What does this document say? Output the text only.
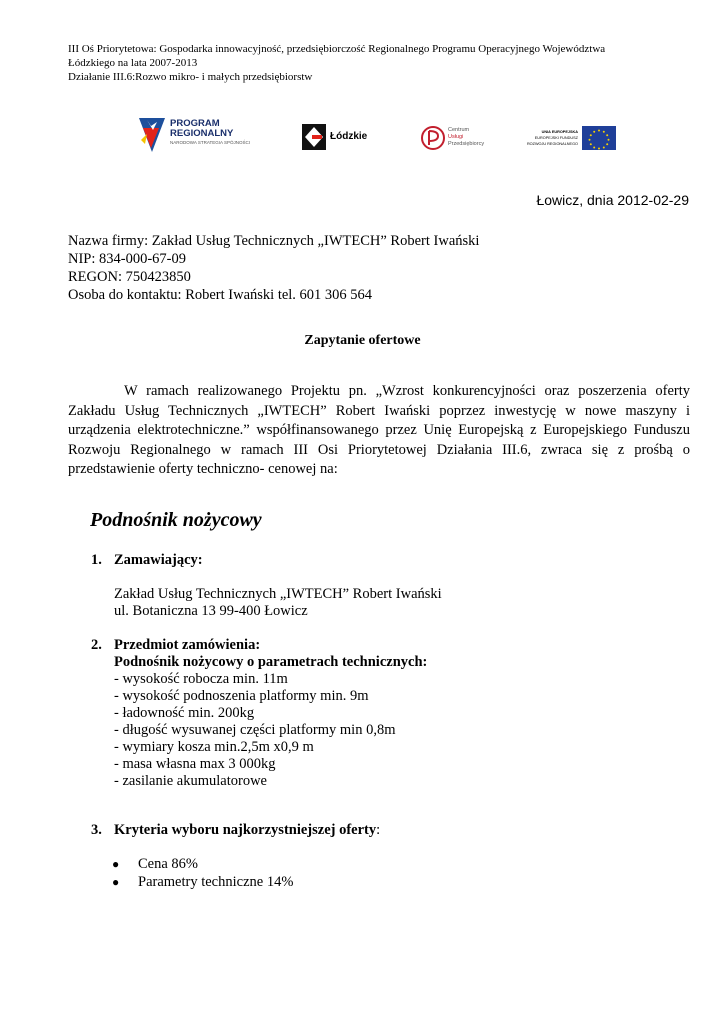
III Oś Priorytetowa: Gospodarka innowacyjność, przedsiębiorczość Regionalnego Programu Operacyjnego Województwa
Łódzkiego na lata 2007-2013
Działanie III.6:Rozwo mikro- i małych przedsiębiorstw
PROGRAM
REGIONALNY
NARODOWA STRATEGIA SPÓJNOŚCI
Łódzkie
Centrum
Usługi
Przedsiębiorcy
UNIA EUROPEJSKA
EUROPEJSKI FUNDUSZ
ROZWOJU REGIONALNEGO
Łowicz, dnia 2012-02-29
Nazwa firmy: Zakład Usług Technicznych „IWTECH” Robert Iwański
NIP: 834-000-67-09
REGON: 750423850
Osoba do kontaktu: Robert Iwański tel. 601 306 564
Zapytanie ofertowe

W ramach realizowanego Projektu pn. „Wzrost konkurencyjności oraz poszerzenia oferty Zakładu Usług Technicznych „IWTECH” Robert Iwański poprzez inwestycję w nowe maszyny i urządzenia elektrotechniczne.” współfinansowanego przez Unię Europejską z Europejskiego Funduszu Rozwoju Regionalnego w ramach III Osi Priorytetowej Działania III.6, zwraca się z prośbą o przedstawienie oferty techniczno- cenowej na:

Podnośnik nożycowy
1. Zamawiający:
Zakład Usług Technicznych „IWTECH” Robert Iwański
ul. Botaniczna 13 99-400 Łowicz
2. Przedmiot zamówienia:
Podnośnik nożycowy o parametrach technicznych:
- wysokość robocza min. 11m
- wysokość podnoszenia platformy min. 9m
- ładowność min. 200kg
- długość wysuwanej części platformy min 0,8m
- wymiary kosza min.2,5m x0,9 m
- masa własna max 3 000kg
- zasilanie akumulatorowe
3. Kryteria wyboru najkorzystniejszej oferty:
●	Cena 86%
●	Parametry techniczne 14%
